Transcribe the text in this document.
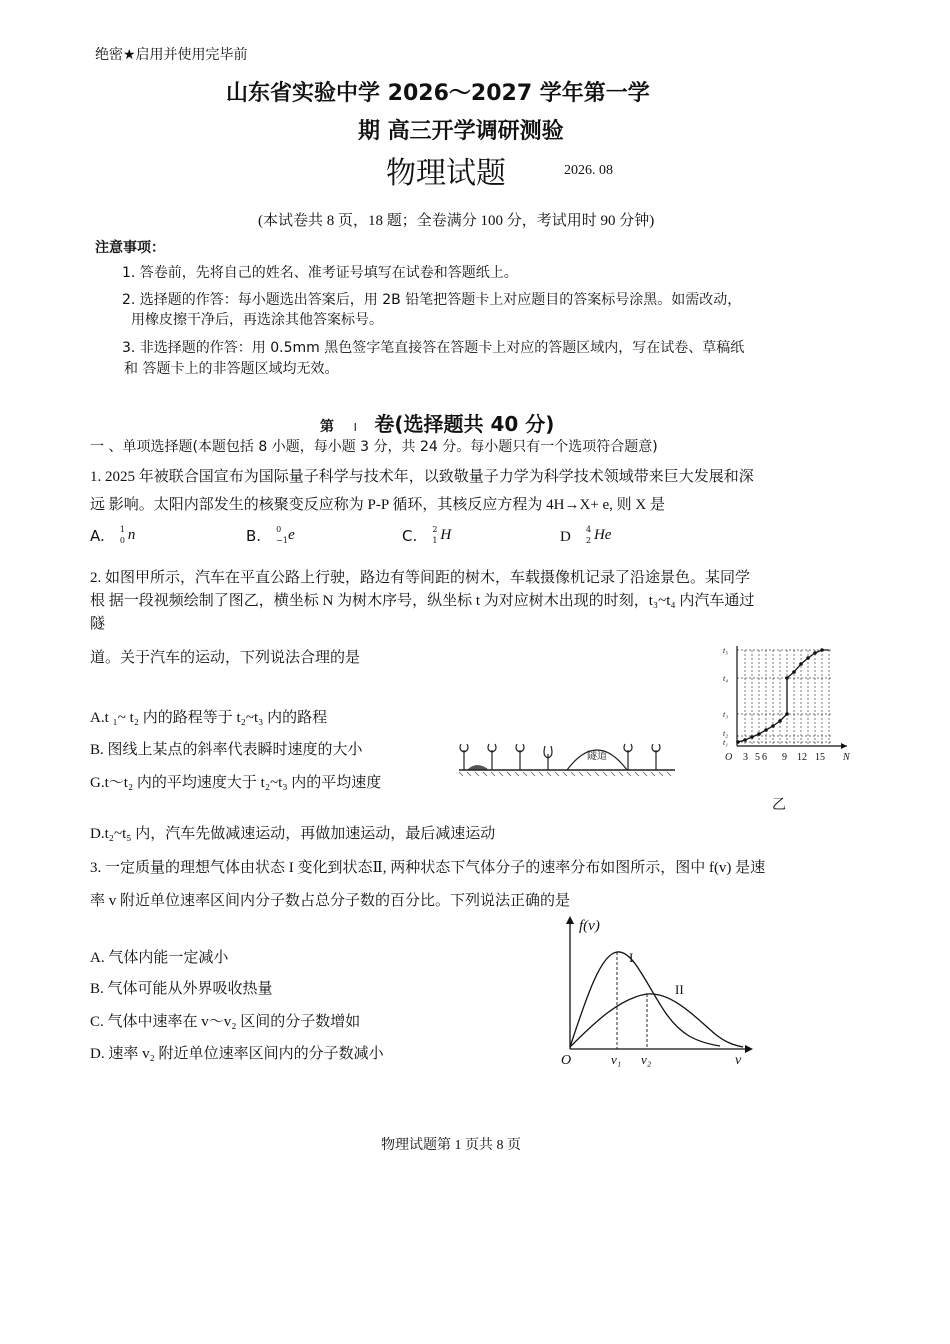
绝密★启用并使用完毕前
山东省实验中学 2026～2027 学年第一学
期 高三开学调研测验
物理试题	2026. 08
(本试卷共 8 页，18 题；全卷满分 100 分，考试用时 90 分钟)
注意事项：
1. 答卷前，先将自己的姓名、准考证号填写在试卷和答题纸上。
2. 选择题的作答：每小题选出答案后，用 2B 铅笔把答题卡上对应题目的答案标号涂黑。如需改动，
用橡皮擦干净后，再选涂其他答案标号。
3. 非选择题的作答：用 0.5mm 黑色签字笔直接答在答题卡上对应的答题区域内，写在试卷、草稿纸
和 答题卡上的非答题区域均无效。
第 I 卷(选择题共 40 分)
一 、单项选择题(本题包括 8 小题，每小题 3 分，共 24 分。每小题只有一个选项符合题意)
1. 2025 年被联合国宣布为国际量子科学与技术年，以致敬量子力学为科学技术领域带来巨大发展和深
远 影响。太阳内部发生的核聚变反应称为 P-P 循环，其核反应方程为 4H→X+ e, 则 X 是
A. 1
0 n	B. 0
−1 e	C. 2
1 H	D 4
2 He
2. 如图甲所示，汽车在平直公路上行驶，路边有等间距的树木，车载摄像机记录了沿途景色。某同学
根 据一段视频绘制了图乙，横坐标 N 为树木序号，纵坐标 t 为对应树木出现的时刻，t₃~t₄ 内汽车通过
隧
道。关于汽车的运动，下列说法合理的是
A.t ₁~ t₂ 内的路程等于 t₂~t₃ 内的路程
B. 图线上某点的斜率代表瞬时速度的大小
G.t～t₂ 内的平均速度大于 t₂~t₃ 内的平均速度
D.t₂~t₅ 内，汽车先做减速运动，再做加速运动，最后减速运动
隧道
t₁
t₂
t₃
t₄
t₅
O 3 5 6 9 12 15 N
乙
3. 一定质量的理想气体由状态 I 变化到状态Ⅱ, 两种状态下气体分子的速率分布如图所示，图中 f(v) 是速
率 v 附近单位速率区间内分子数占总分子数的百分比。下列说法正确的是
A. 气体内能一定减小
B. 气体可能从外界吸收热量
C. 气体中速率在 v～v₂ 区间的分子数增如
D. 速率 v₂ 附近单位速率区间内的分子数减小
f(v)
I
II
O	v₁ v₂	v
物理试题第 1 页共 8 页
